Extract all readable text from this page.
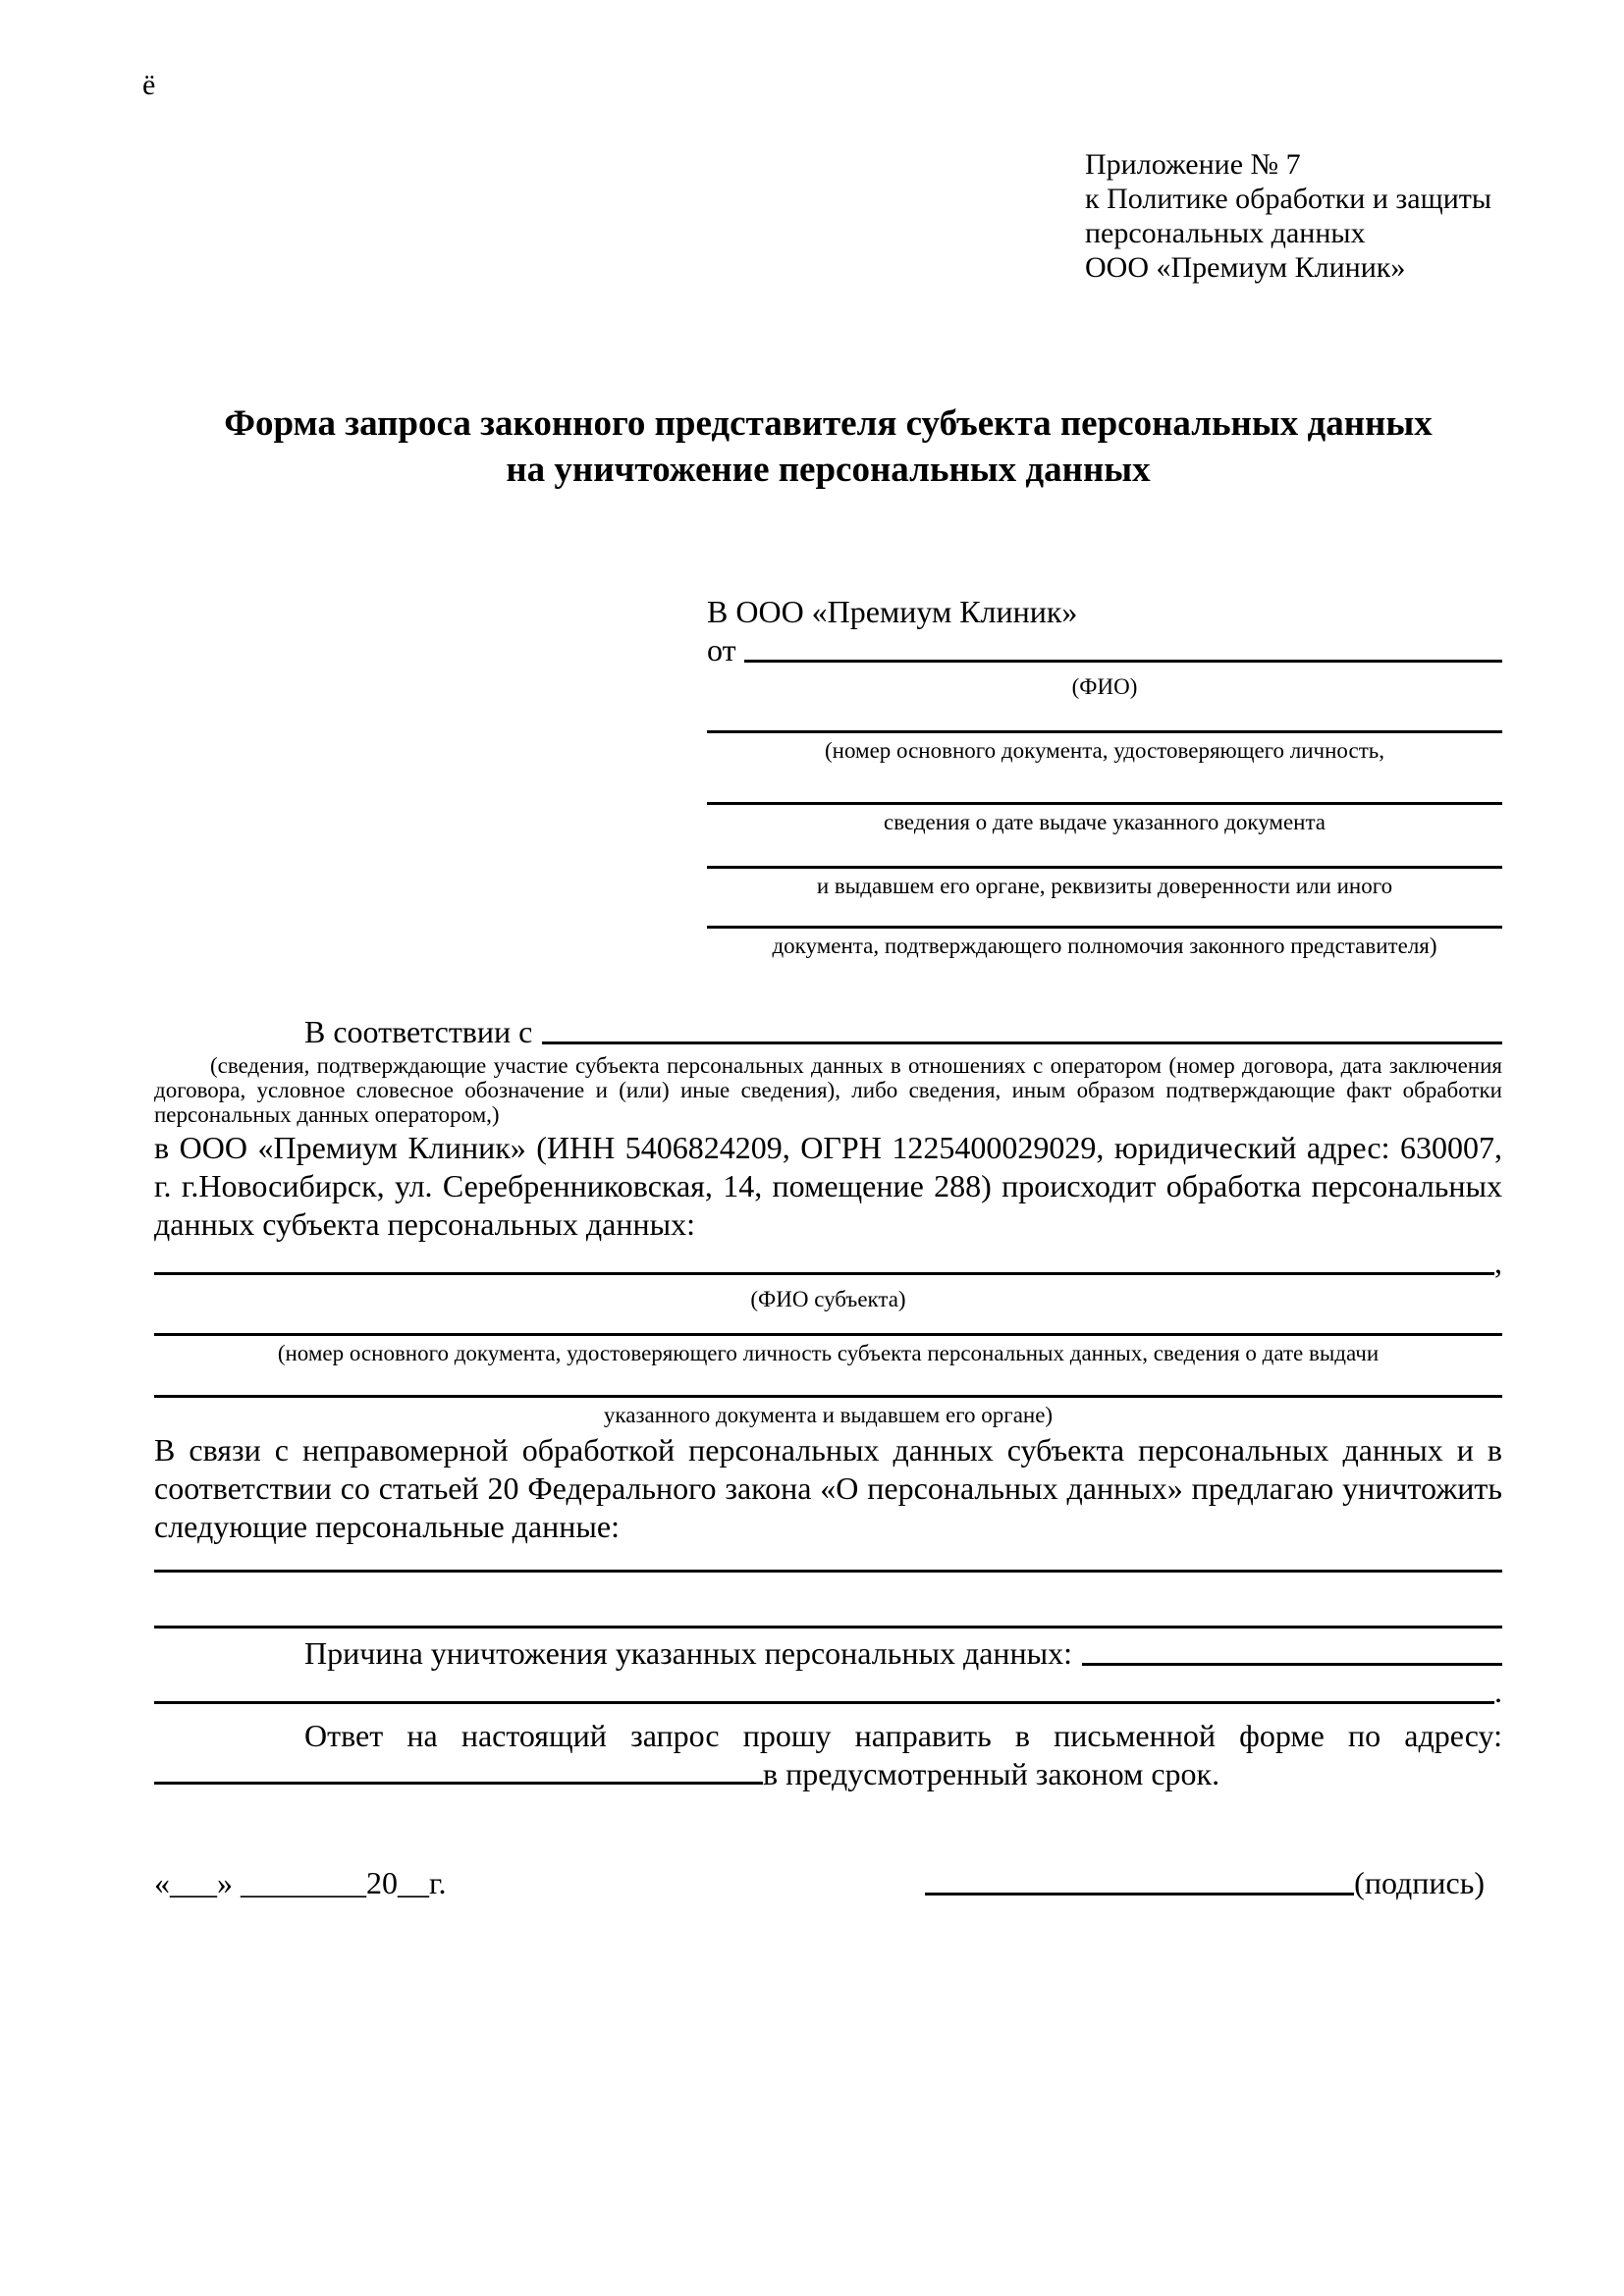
ё
Приложение № 7
к Политике обработки и защиты
персональных данных
ООО «Премиум Клиник»
Форма запроса законного представителя субъекта персональных данных
на уничтожение персональных данных
В ООО «Премиум Клиник»
от
(ФИО)
(номер основного документа, удостоверяющего личность,
сведения о дате выдаче указанного документа
и выдавшем его органе, реквизиты доверенности или иного
документа, подтверждающего полномочия законного представителя)
В соответствии с
(сведения, подтверждающие участие субъекта персональных данных в отношениях с оператором (номер договора, дата заключения договора, условное словесное обозначение и (или) иные сведения), либо сведения, иным образом подтверждающие факт обработки персональных данных оператором,)
в ООО «Премиум Клиник» (ИНН 5406824209, ОГРН 1225400029029, юридический адрес: 630007, г. г.Новосибирск, ул. Серебренниковская, 14, помещение 288) происходит обработка персональных данных субъекта персональных данных:
,
(ФИО субъекта)
(номер основного документа, удостоверяющего личность субъекта персональных данных, сведения о дате выдачи
указанного документа и выдавшем его органе)
В связи с неправомерной обработкой персональных данных субъекта персональных данных и в соответствии со статьей 20 Федерального закона «О персональных данных» предлагаю уничтожить следующие персональные данные:
Причина уничтожения указанных персональных данных:
.
Ответ на настоящий запрос прошу направить в письменной форме по адресу: в предусмотренный законом срок.
«___» ________20__г.	(подпись)
